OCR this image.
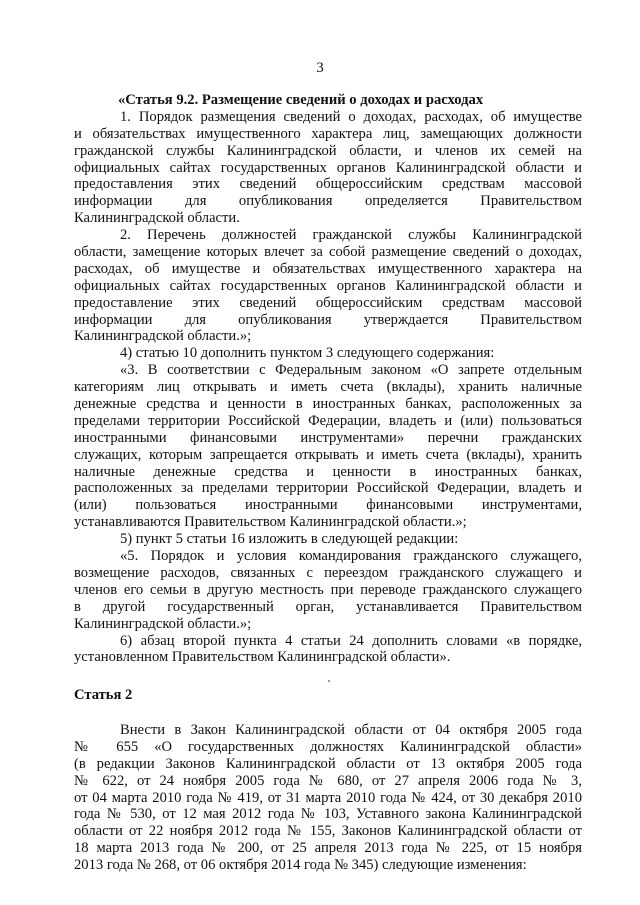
3
«Статья 9.2. Размещение сведений о доходах и расходах
1. Порядок размещения сведений о доходах, расходах, об имуществе
и обязательствах имущественного характера лиц, замещающих должности
гражданской службы Калининградской области, и членов их семей на
официальных сайтах государственных органов Калининградской области и
предоставления этих сведений общероссийским средствам массовой
информации для опубликования определяется Правительством
Калининградской области.
2. Перечень должностей гражданской службы Калининградской
области, замещение которых влечет за собой размещение сведений о доходах,
расходах, об имуществе и обязательствах имущественного характера на
официальных сайтах государственных органов Калининградской области и
предоставление этих сведений общероссийским средствам массовой
информации для опубликования утверждается Правительством
Калининградской области.»;
4) статью 10 дополнить пунктом 3 следующего содержания:
«3. В соответствии с Федеральным законом «О запрете отдельным
категориям лиц открывать и иметь счета (вклады), хранить наличные
денежные средства и ценности в иностранных банках, расположенных за
пределами территории Российской Федерации, владеть и (или) пользоваться
иностранными финансовыми инструментами» перечни гражданских
служащих, которым запрещается открывать и иметь счета (вклады), хранить
наличные денежные средства и ценности в иностранных банках,
расположенных за пределами территории Российской Федерации, владеть и
(или) пользоваться иностранными финансовыми инструментами,
устанавливаются Правительством Калининградской области.»;
5) пункт 5 статьи 16 изложить в следующей редакции:
«5. Порядок и условия командирования гражданского служащего,
возмещение расходов, связанных с переездом гражданского служащего и
членов его семьи в другую местность при переводе гражданского служащего
в другой государственный орган, устанавливается Правительством
Калининградской области.»;
6) абзац второй пункта 4 статьи 24 дополнить словами «в порядке,
установленном Правительством Калининградской области».
Статья 2
Внести в Закон Калининградской области от 04 октября 2005 года
№ 655 «О государственных должностях Калининградской области»
(в редакции Законов Калининградской области от 13 октября 2005 года
№ 622, от 24 ноября 2005 года № 680, от 27 апреля 2006 года № 3,
от 04 марта 2010 года № 419, от 31 марта 2010 года № 424, от 30 декабря 2010
года № 530, от 12 мая 2012 года № 103, Уставного закона Калининградской
области от 22 ноября 2012 года № 155, Законов Калининградской области от
18 марта 2013 года № 200, от 25 апреля 2013 года № 225, от 15 ноября
2013 года № 268, от 06 октября 2014 года № 345) следующие изменения:
